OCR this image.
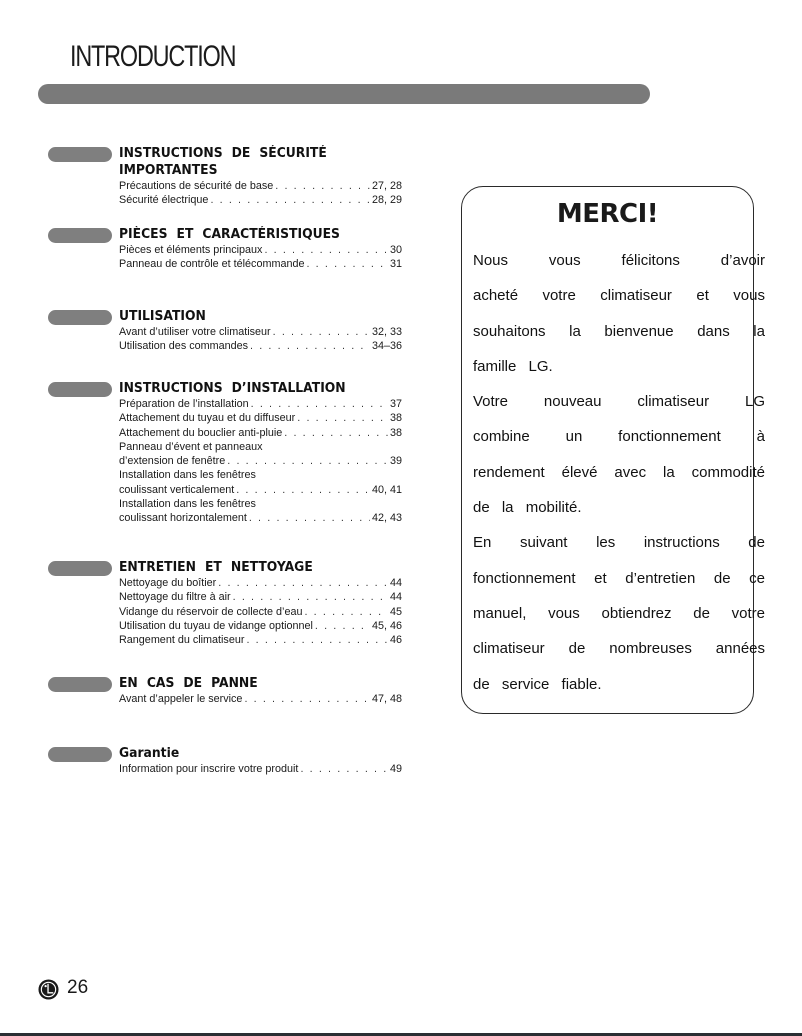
INTRODUCTION
INSTRUCTIONS DE SÉCURITÉ
IMPORTANTES
Précautions de sécurité de base . . .	27, 28
Sécurité électrique . . .	28, 29
PIÈCES ET CARACTÉRISTIQUES
Pièces et éléments principaux . . .	30
Panneau de contrôle et télécommande . . .	31
UTILISATION
Avant d’utiliser votre climatiseur . . .	32, 33
Utilisation des commandes . . .	34–36
INSTRUCTIONS D’INSTALLATION
Préparation de l’installation . . .	37
Attachement du tuyau et du diffuseur . . .	38
Attachement du bouclier anti-pluie . . .	38
Panneau d’évent et panneaux
d’extension de fenêtre . . .	39
Installation dans les fenêtres
coulissant verticalement . . .	40, 41
Installation dans les fenêtres
coulissant horizontalement . . .	42, 43
ENTRETIEN ET NETTOYAGE
Nettoyage du boîtier . . .	44
Nettoyage du filtre à air . . .	44
Vidange du réservoir de collecte d’eau . . .	45
Utilisation du tuyau de vidange optionnel . . .	45, 46
Rangement du climatiseur . . .	46
EN CAS DE PANNE
Avant d’appeler le service . . .	47, 48
Garantie
Information pour inscrire votre produit . . .	49
MERCI!
Nous vous félicitons d’avoir
acheté votre climatiseur et vous
souhaitons la bienvenue dans la
famille LG.
Votre nouveau climatiseur LG
combine un fonctionnement à
rendement élevé avec la commodité
de la mobilité.
En suivant les instructions de
fonctionnement et d’entretien de ce
manuel, vous obtiendrez de votre
climatiseur de nombreuses années
de service fiable.
26
